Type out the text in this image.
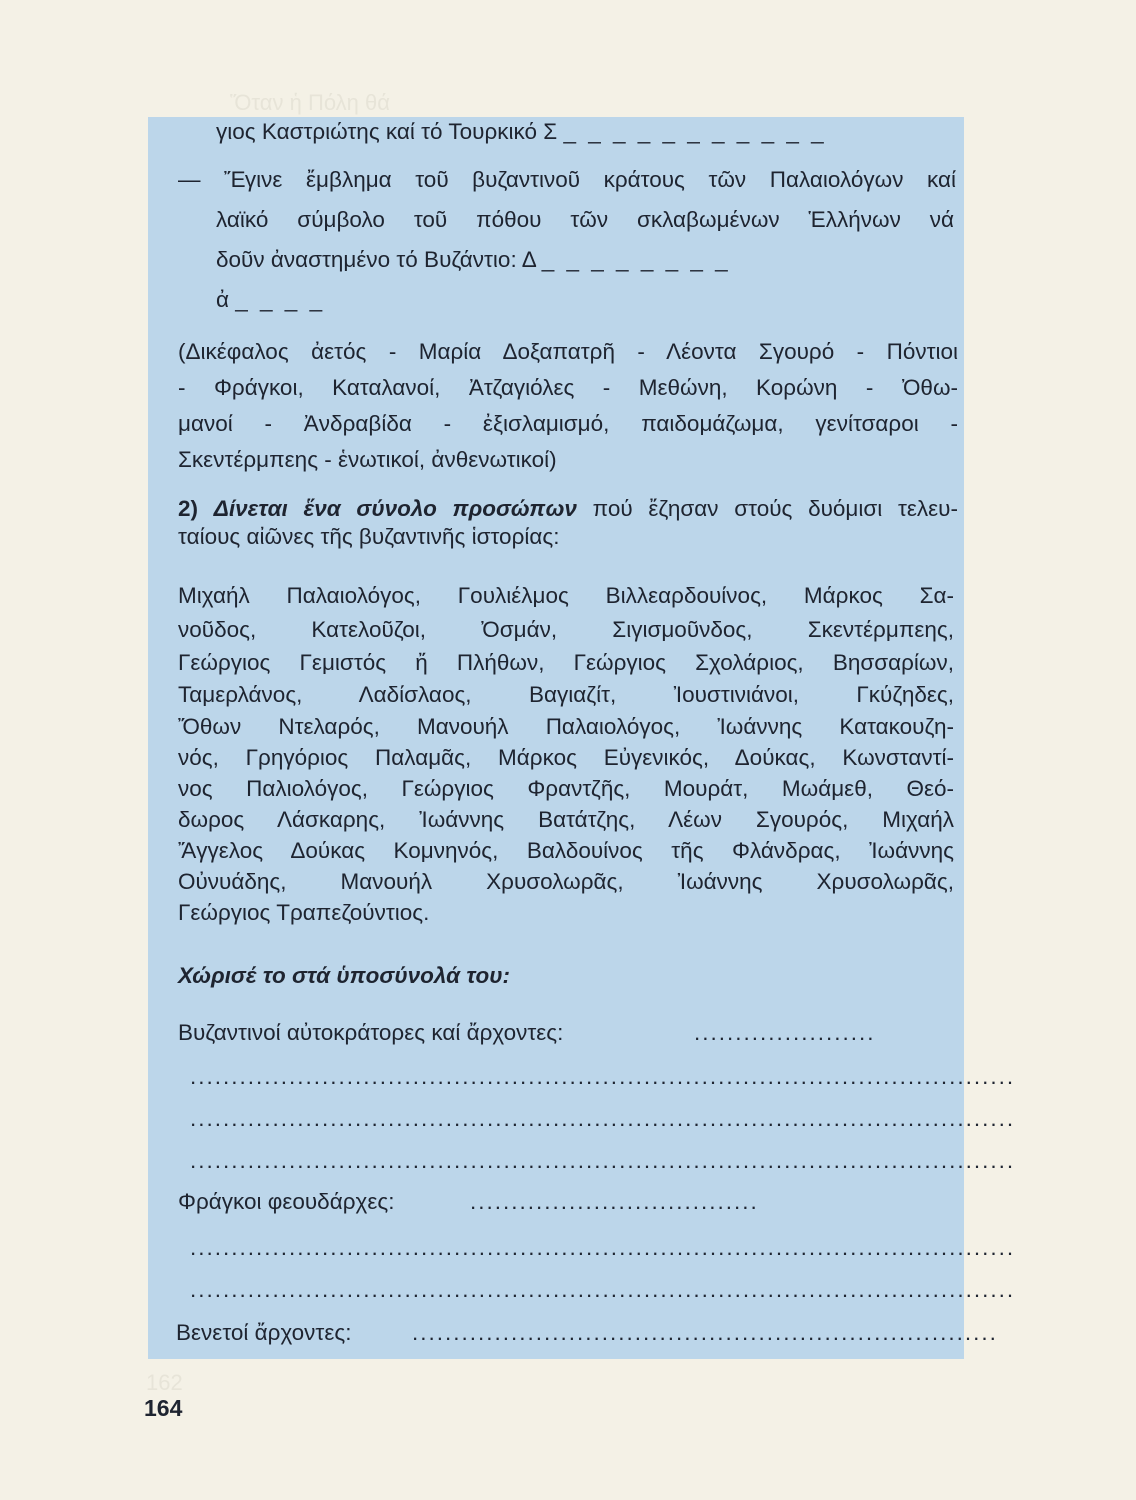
Ὅταν ἡ Πόλη θά
162
γιος Καστριώτης καί τό Τουρκικό Σ _ _ _ _ _ _ _ _ _ _ _
— Ἔγινε ἔμβλημα τοῦ βυζαντινοῦ κράτους τῶν Παλαιολόγων καί
λαϊκό σύμβολο τοῦ πόθου τῶν σκλαβωμένων Ἑλλήνων νά
δοῦν ἀναστημένο τό Βυζάντιο: Δ _ _ _ _ _ _ _ _
ἀ _ _ _ _
(Δικέφαλος ἀετός - Μαρία Δοξαπατρῆ - Λέοντα Σγουρό - Πόντιοι
- Φράγκοι, Καταλανοί, Ἀτζαγιόλες - Μεθώνη, Κορώνη - Ὀθω-
μανοί - Ἀνδραβίδα - ἐξισλαμισμό, παιδομάζωμα, γενίτσαροι -
Σκεντέρμπεης - ἑνωτικοί, ἀνθενωτικοί)
2) Δίνεται ἕνα σύνολο προσώπων πού ἔζησαν στούς δυόμισι τελευ-
ταίους αἰῶνες τῆς βυζαντινῆς ἱστορίας:
Μιχαήλ Παλαιολόγος, Γουλιέλμος Βιλλεαρδουίνος, Μάρκος Σα-
νοῦδος, Κατελοῦζοι, Ὀσμάν, Σιγισμοῦνδος, Σκεντέρμπεης,
Γεώργιος Γεμιστός ἤ Πλήθων, Γεώργιος Σχολάριος, Βησσαρίων,
Ταμερλάνος, Λαδίσλαος, Βαγιαζίτ, Ἰουστινιάνοι, Γκύζηδες,
Ὄθων Ντελαρός, Μανουήλ Παλαιολόγος, Ἰωάννης Κατακουζη-
νός, Γρηγόριος Παλαμᾶς, Μάρκος Εὐγενικός, Δούκας, Κωνσταντί-
νος Παλιολόγος, Γεώργιος Φραντζῆς, Μουράτ, Μωάμεθ, Θεό-
δωρος Λάσκαρης, Ἰωάννης Βατάτζης, Λέων Σγουρός, Μιχαήλ
Ἄγγελος Δούκας Κομνηνός, Βαλδουίνος τῆς Φλάνδρας, Ἰωάννης
Οὐνυάδης, Μανουήλ Χρυσολωρᾶς, Ἰωάννης Χρυσολωρᾶς,
Γεώργιος Τραπεζούντιος.
Χώρισέ το στά ὑποσύνολά του:
Βυζαντινοί αὐτοκράτορες καί ἄρχοντες:	......................
....................................................................................................
....................................................................................................
....................................................................................................
Φράγκοι φεουδάρχες:	...................................
....................................................................................................
....................................................................................................
Βενετοί ἄρχοντες:	.......................................................................
164
